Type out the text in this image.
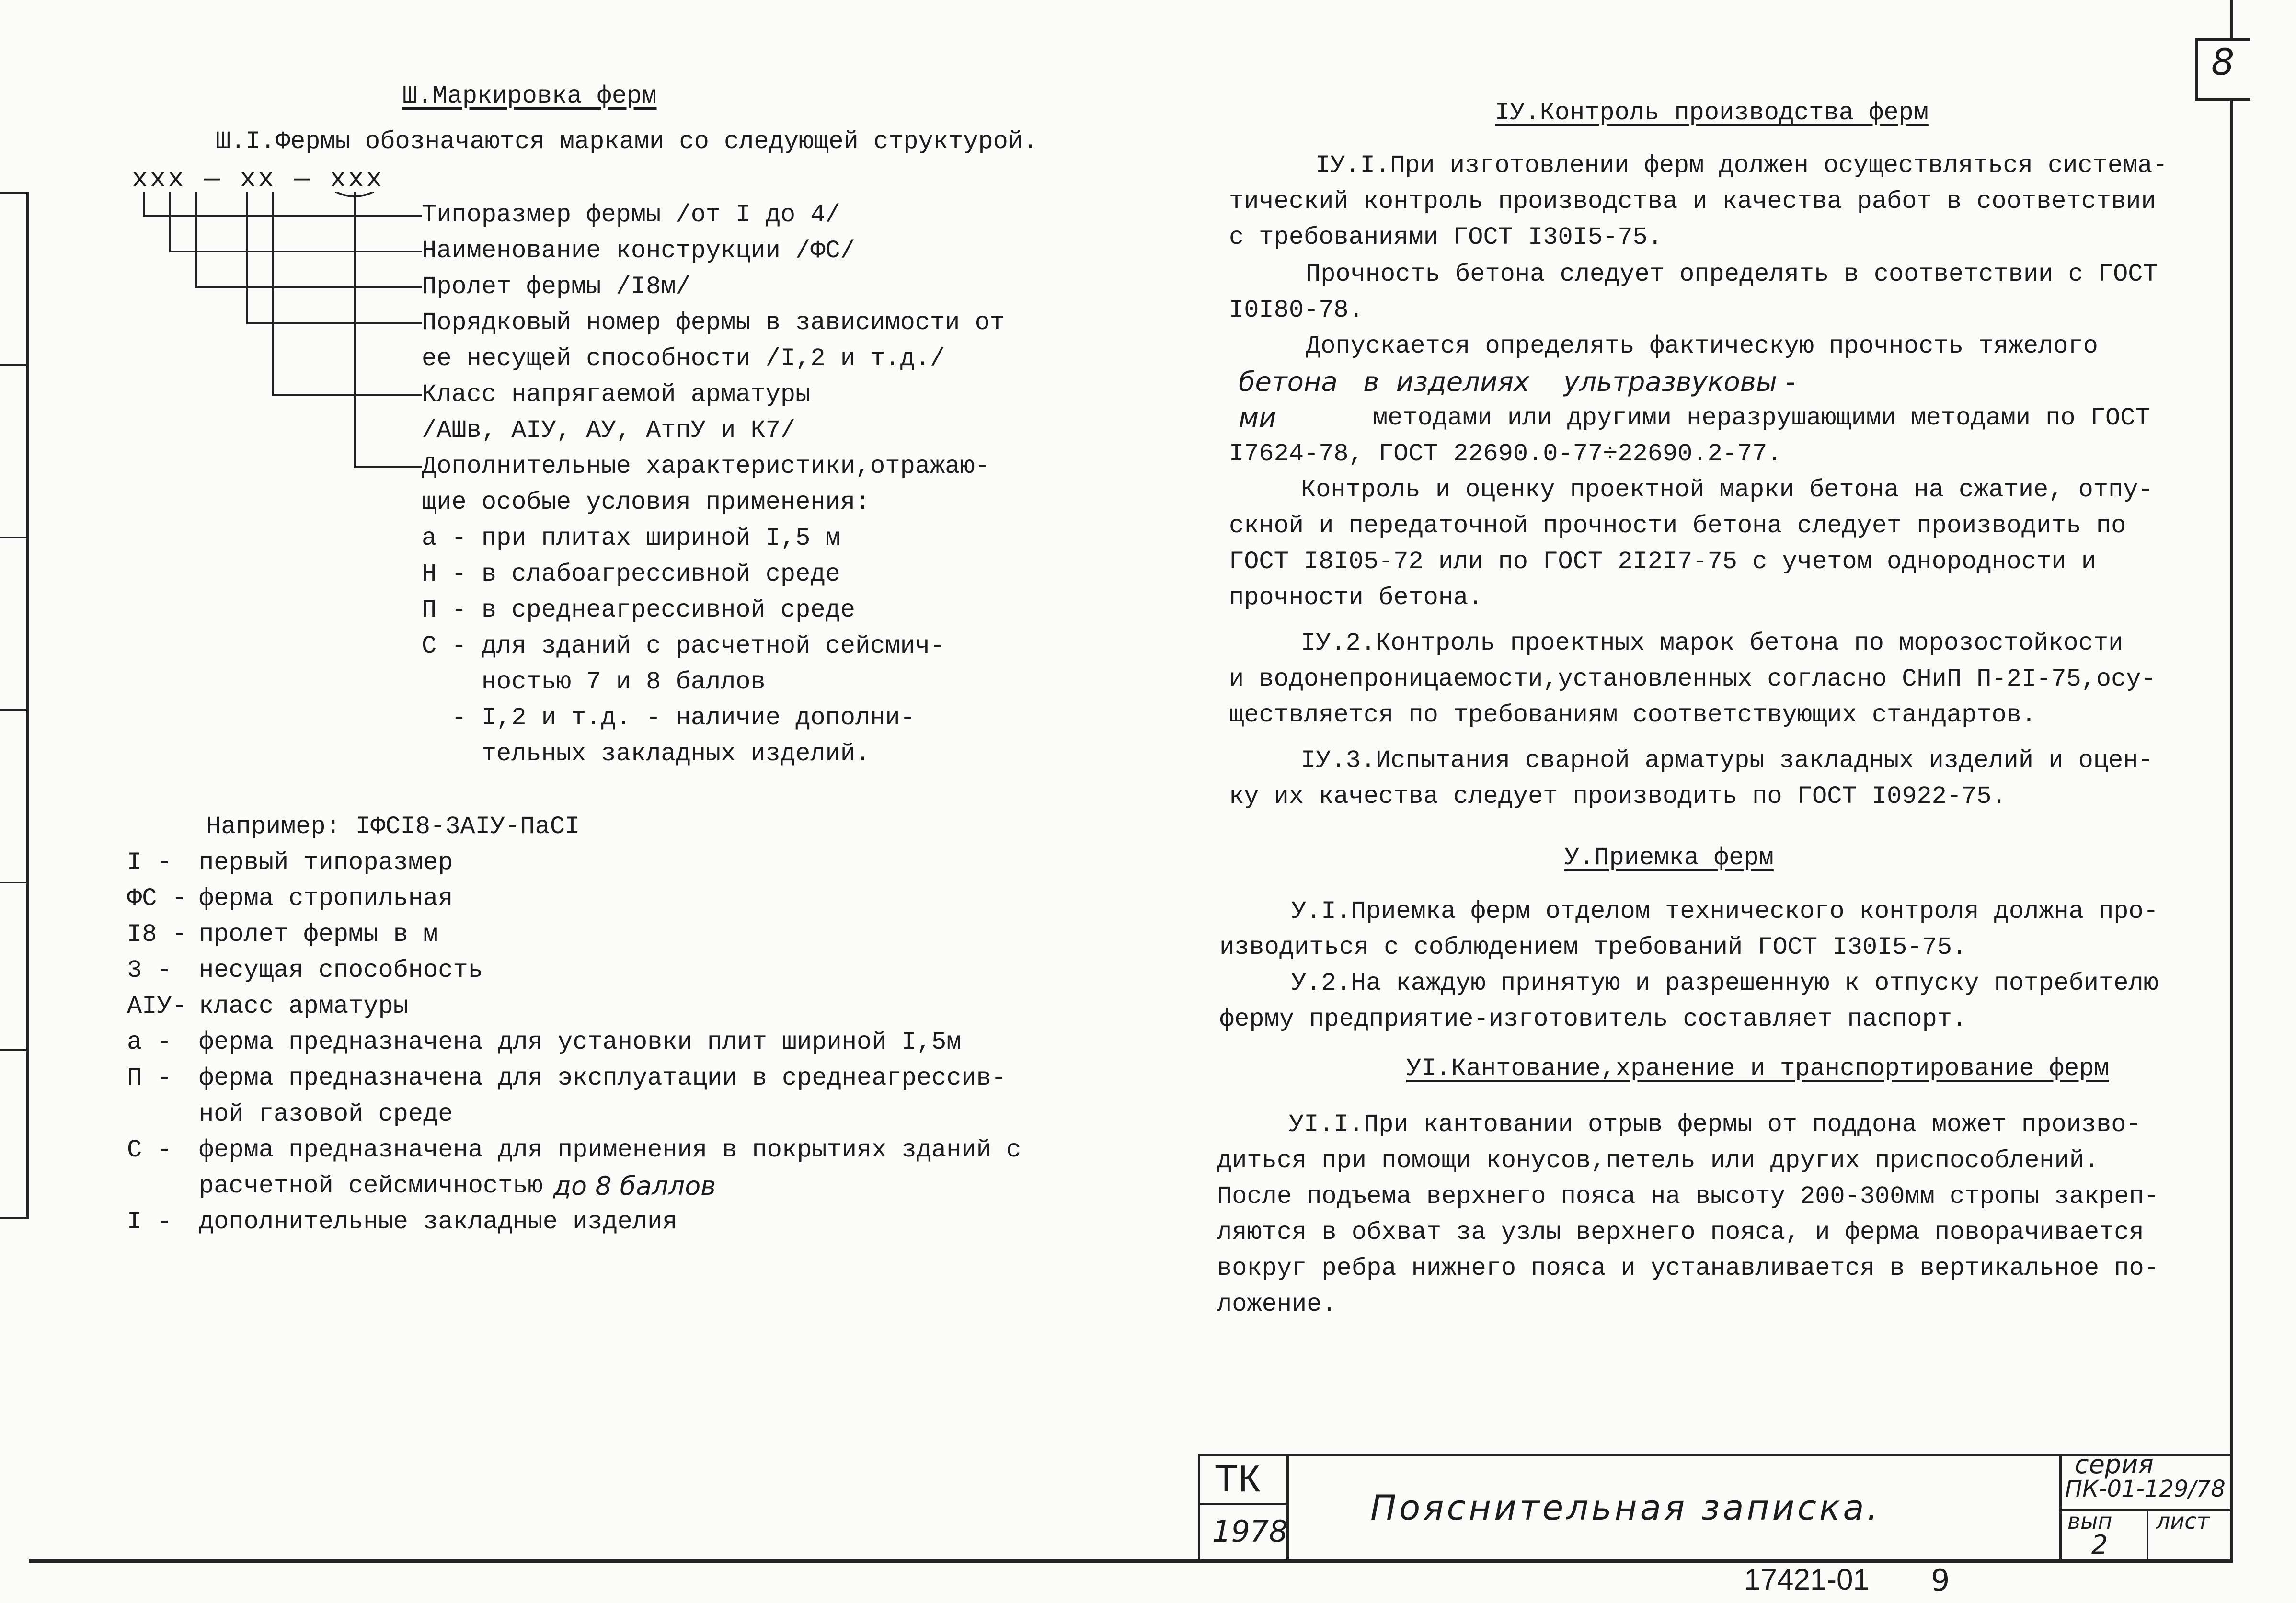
8
Ш.Маркировка ферм
Ш.I.Фермы обозначаются марками со следующей структурой.
ххх — хх — ххх
Типоразмер фермы /от I до 4/
Наименование конструкции /ФС/
Пролет фермы /I8м/
Порядковый номер фермы в зависимости от
ее несущей способности /I,2 и т.д./
Класс напрягаемой арматуры
/АШв, АIУ, АУ, АтпУ и К7/
Дополнительные характеристики,отражаю-
щие особые условия применения:
а - при плитах шириной I,5 м
Н - в слабоагрессивной среде
П - в среднеагрессивной среде
С - для зданий с расчетной сейсмич-
ностью 7 и 8 баллов
- I,2 и т.д. - наличие дополни-
тельных закладных изделий.
Например: IФСI8-3АIУ-ПаСI
I -	первый типоразмер
ФС - ферма стропильная
I8 - пролет фермы в м
3 -	несущая способность
АIУ- класс арматуры
а -	ферма предназначена для установки плит шириной I,5м
П -	ферма предназначена для эксплуатации в среднеагрессив-
ной газовой среде
С -	ферма предназначена для применения в покрытиях зданий с
расчетной сейсмичностью до 8 баллов
I -	дополнительные закладные изделия
IУ.Контроль производства ферм
IУ.I.При изготовлении ферм должен осуществляться системa-
тический контроль производства и качества работ в соответствии
с требованиями ГОСТ I30I5-75.
Прочность бетона следует определять в соответствии с ГОСТ
I0I80-78.
Допускается определять фактическую прочность тяжелого
бетона   в  изделиях    ультразвуковы -
ми	методами или другими неразрушающими методами по ГОСТ
I7624-78, ГОСТ 22690.0-77÷22690.2-77.
Контроль и оценку проектной марки бетона на сжатие, отпу-
скной и передаточной прочности бетона следует производить по
ГОСТ I8I05-72 или по ГОСТ 2I2I7-75 с учетом однородности и
прочности бетона.
IУ.2.Контроль проектных марок бетона по морозостойкости
и водонепроницаемости,установленных согласно СНиП П-2I-75,осу-
ществляется по требованиям соответствующих стандартов.
IУ.3.Испытания сварной арматуры закладных изделий и оцен-
ку их качества следует производить по ГОСТ I0922-75.
У.Приемка ферм
У.I.Приемка ферм отделом технического контроля должна про-
изводиться с соблюдением требований ГОСТ I30I5-75.
У.2.На каждую принятую и разрешенную к отпуску потребителю
ферму предприятие-изготовитель составляет паспорт.
УI.Кантование,хранение и транспортирование ферм
УI.I.При кантовании отрыв фермы от поддона может произво-
диться при помощи конусов,петель или других приспособлений.
После подъема верхнего пояса на высоту 200-300мм стропы закреп-
ляются в обхват за узлы верхнего пояса, и ферма поворачивается
вокруг ребра нижнего пояса и устанавливается в вертикальное по-
ложение.
ТК
1978
Пояснительная записка.
серия
ПК-01-129/78
вып
2
лист
17421-01 9
